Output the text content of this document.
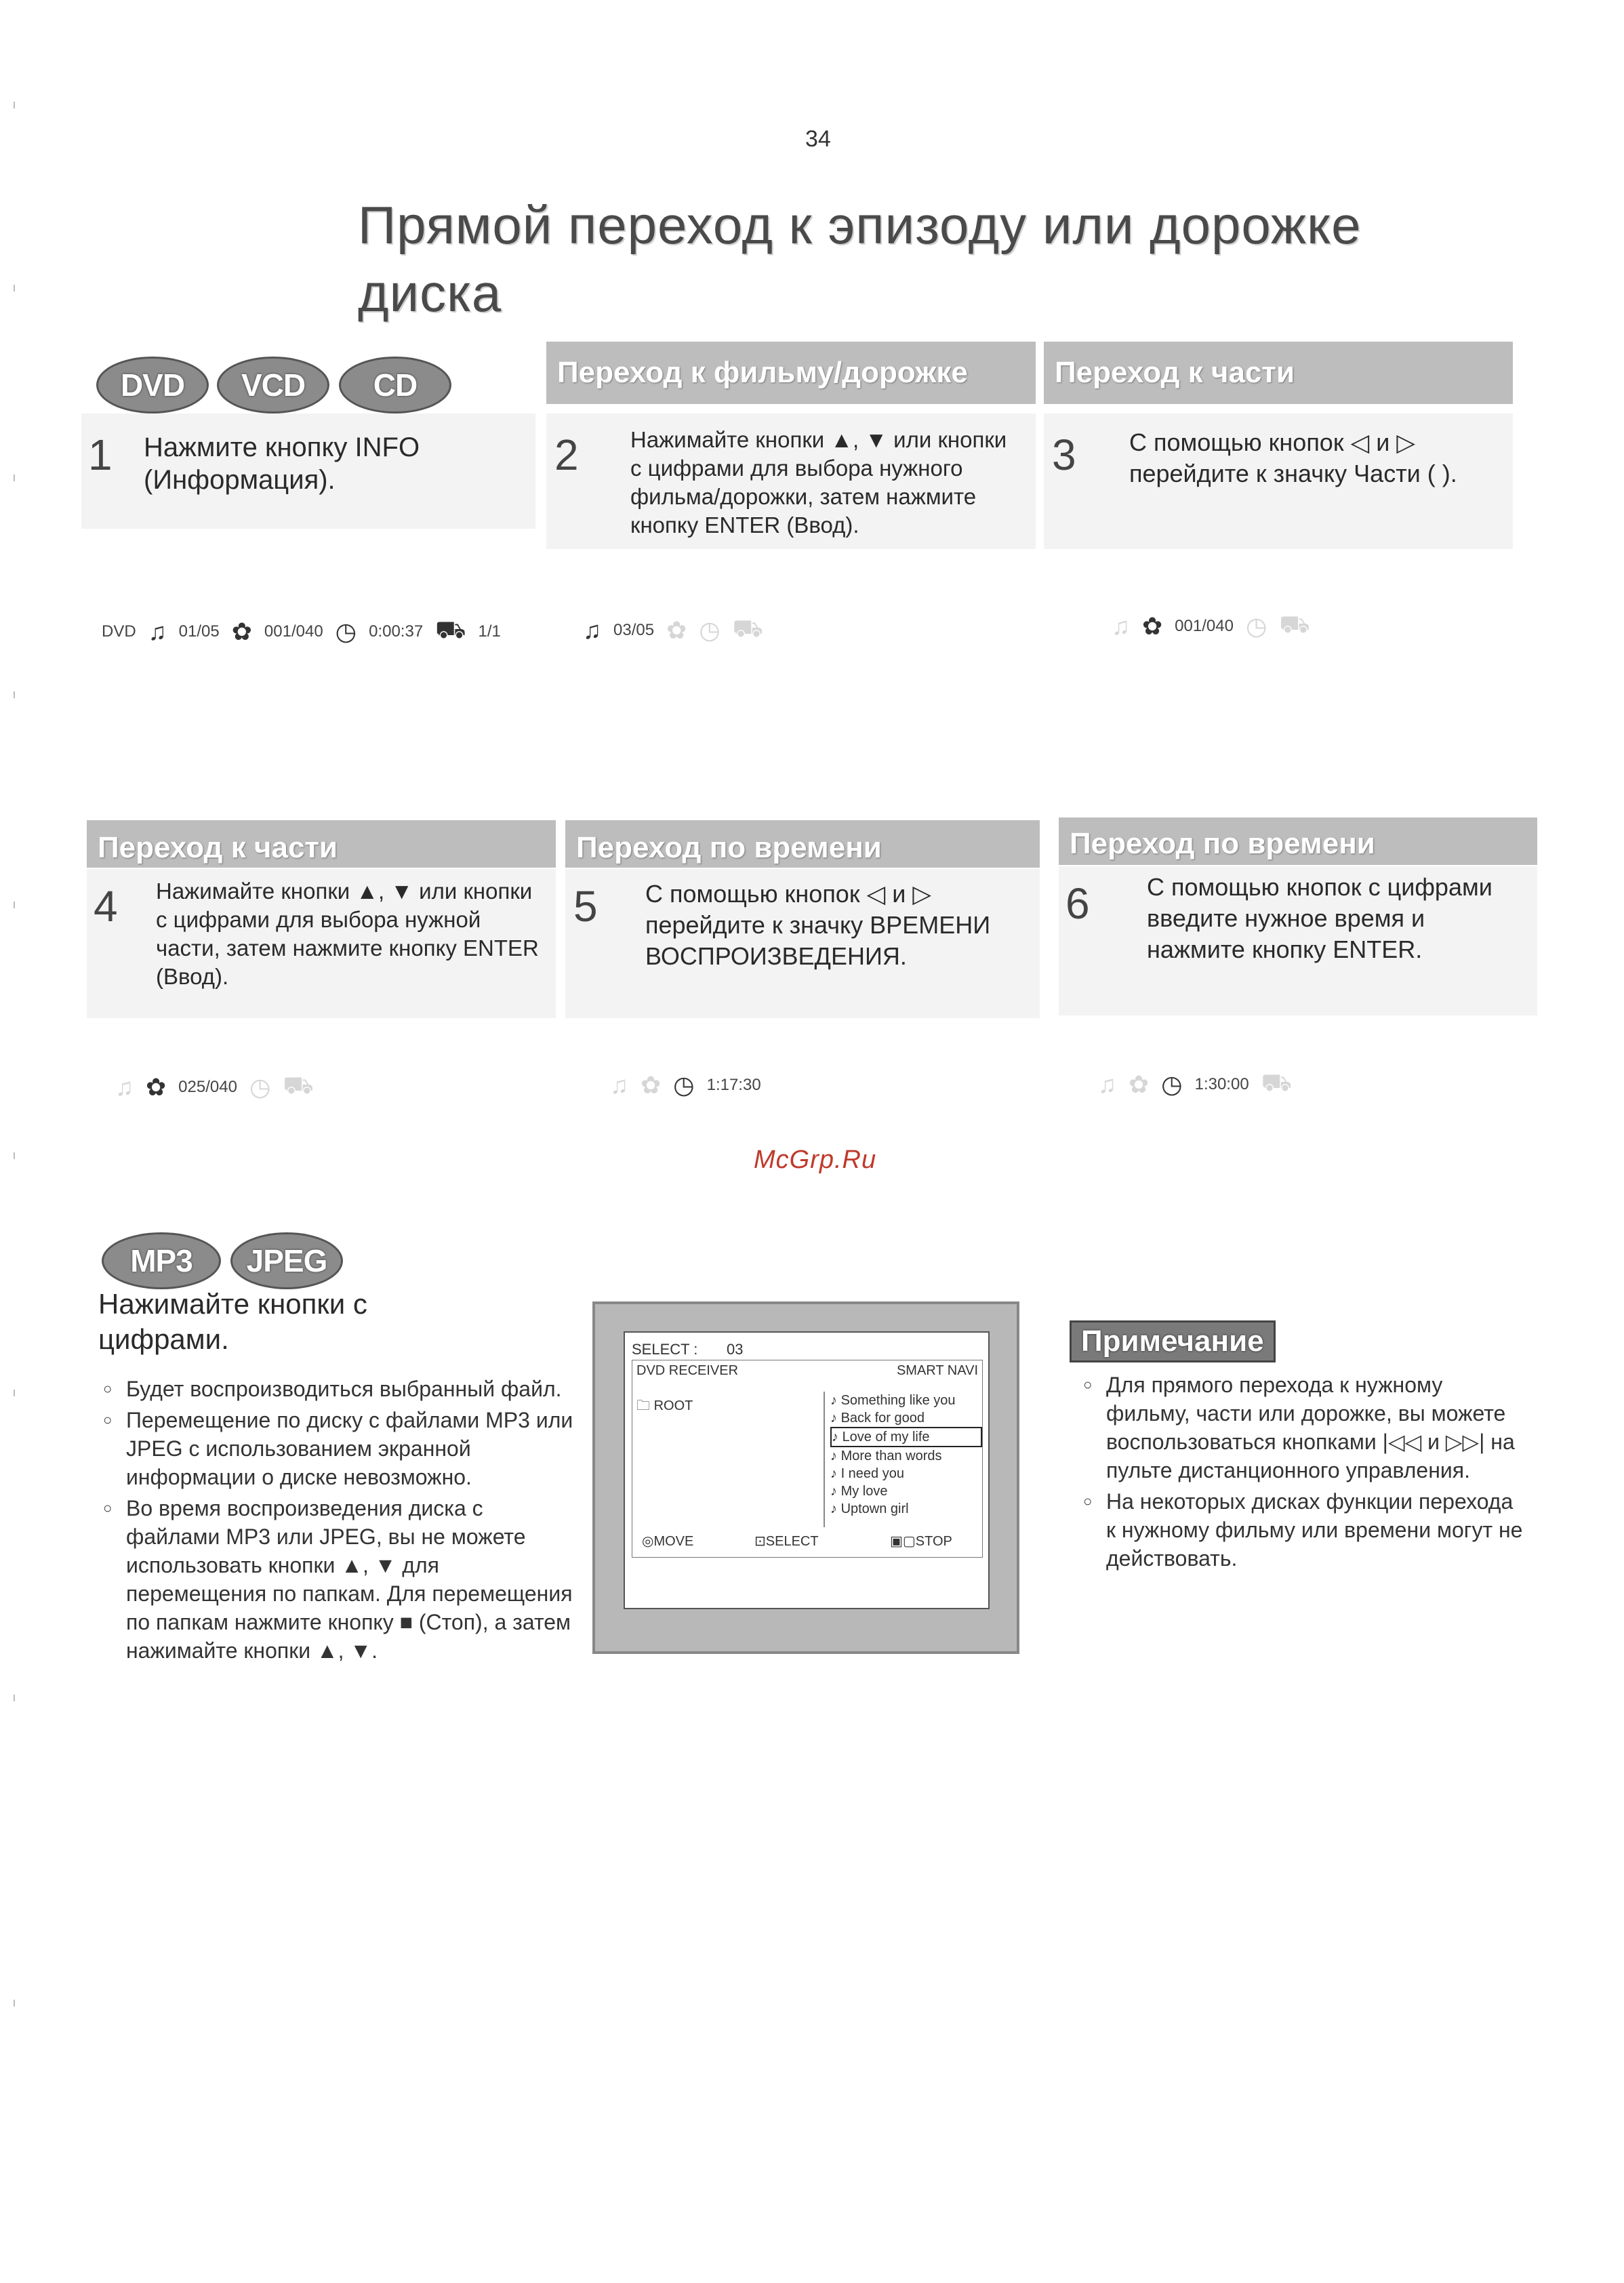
34
Прямой переход к эпизоду или дорожке диска
DVD	VCD	CD	Переход к фильму/дорожке	Переход к части
1 Нажмите кнопку INFO (Информация).
2 Нажимайте кнопки ▲, ▼ или кнопки с цифрами для выбора нужного фильма/дорожки, затем нажмите кнопку ENTER (Ввод).
3 С помощью кнопок ◁ и ▷ перейдите к значку Части ( ).
DVD ♫ 01/05 ✿ 001/040 ◷ 0:00:37 ⛟ 1/1	♫ 03/05 ✿ ◷ ⛟	♫ ✿ 001/040 ◷ ⛟
Переход к части	Переход по времени	Переход по времени
4 Нажимайте кнопки ▲, ▼ или кнопки с цифрами для выбора нужной части, затем нажмите кнопку ENTER (Ввод).
5 С помощью кнопок ◁ и ▷ перейдите к значку ВРЕМЕНИ ВОСПРОИЗВЕДЕНИЯ.
6 С помощью кнопок с цифрами введите нужное время и нажмите кнопку ENTER.
♫ ✿ 025/040 ◷ ⛟	♫ ✿ ◷ 1:17:30	♫ ✿ ◷ 1:30:00 ⛟
McGrp.Ru
MP3	JPEG
Нажимайте кнопки с цифрами.
○ Будет воспроизводиться выбранный файл.
○ Перемещение по диску с файлами MP3 или JPEG с использованием экранной информации о диске невозможно.
○ Во время воспроизведения диска с файлами MP3 или JPEG, вы не можете использовать кнопки ▲, ▼ для перемещения по папкам. Для перемещения по папкам нажмите кнопку ■ (Стоп), а затем нажимайте кнопки ▲, ▼.
SELECT : 03
DVD RECEIVER	SMART NAVI
🗀 ROOT	♪ Something like you
♪ Back for good
♪ Love of my life
♪ More than words
♪ I need you
♪ My love
♪ Uptown girl
◎MOVE	⊡SELECT	▣▢STOP
Примечание
○ Для прямого перехода к нужному фильму, части или дорожке, вы можете воспользоваться кнопками |◁◁ и ▷▷| на пульте дистанционного управления.
○ На некоторых дисках функции перехода к нужному фильму или времени могут не действовать.
